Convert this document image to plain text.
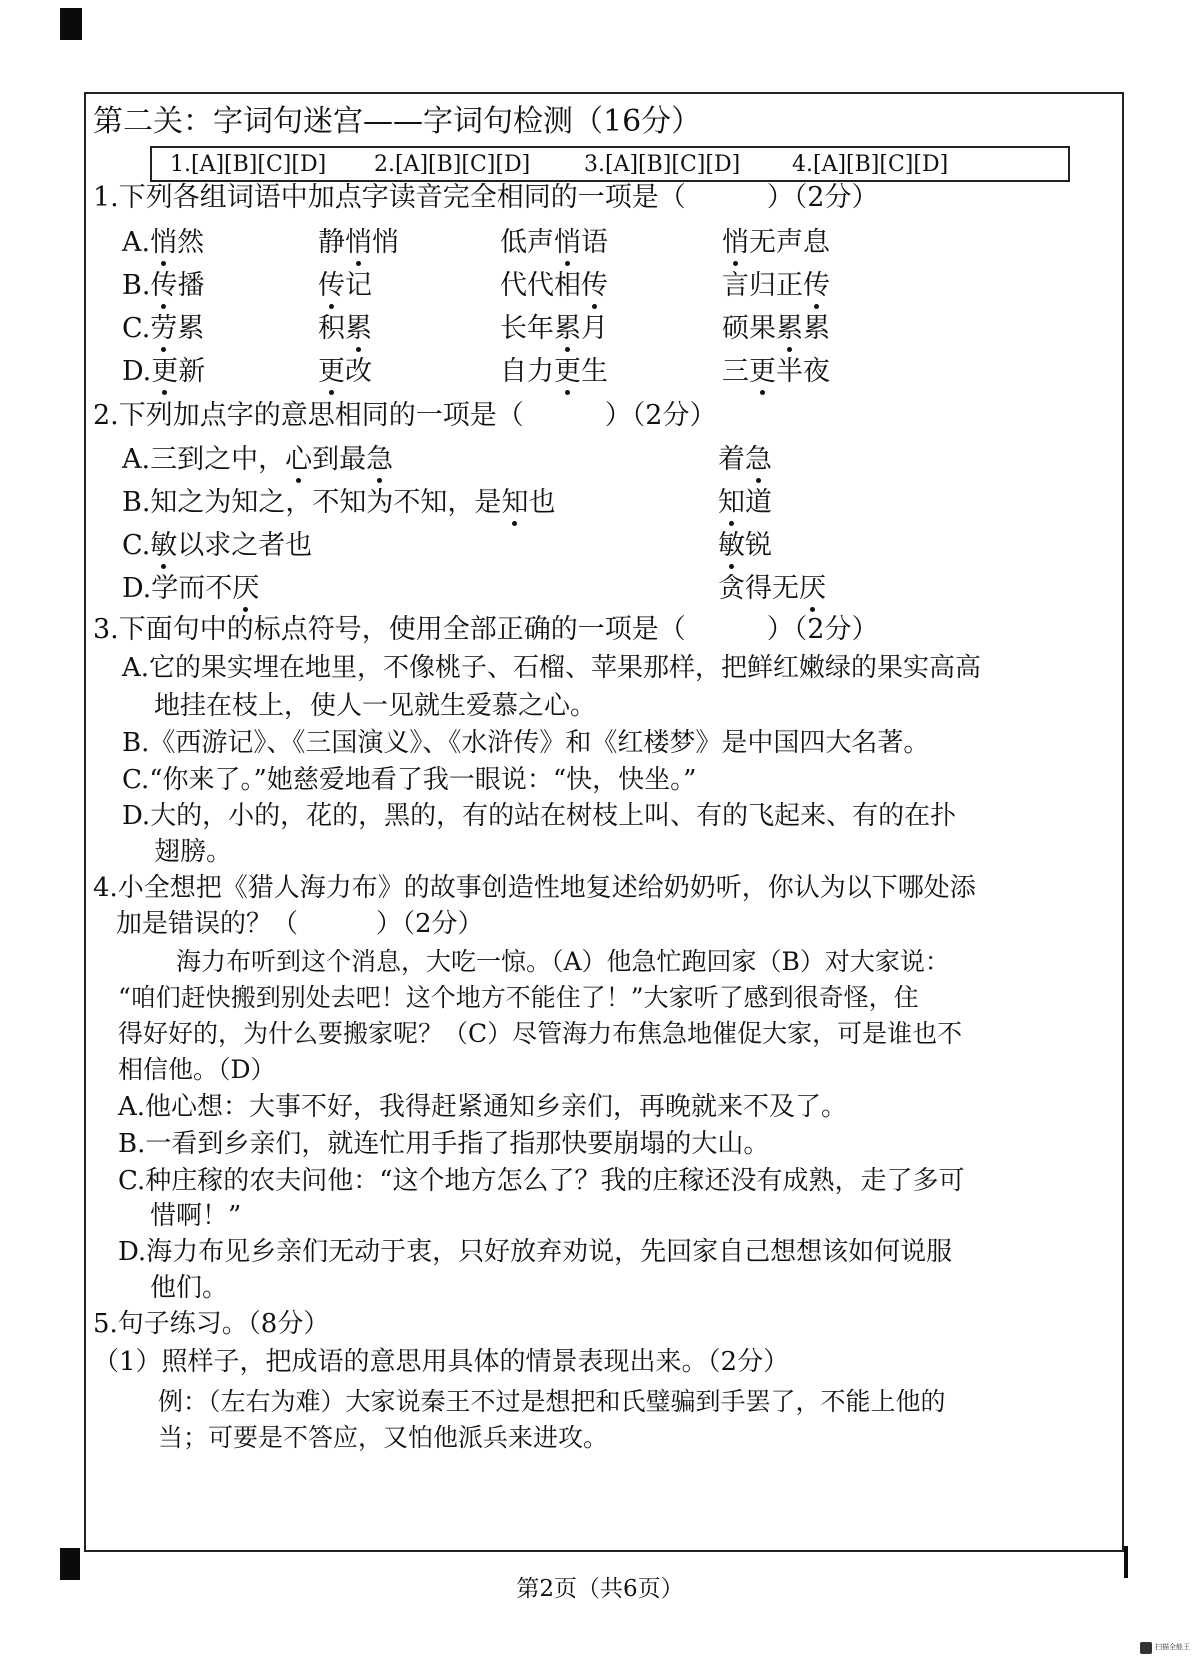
第二关：字词句迷宫——字词句检测（16分）
1.[A][B][C][D] 2.[A][B][C][D] 3.[A][B][C][D] 4.[A][B][C][D]
1.下列各组词语中加点字读音完全相同的一项是（　　　）（2分）
A.悄然	静悄悄	低声悄语	悄无声息
B.传播	传记	代代相传	言归正传
C.劳累	积累	长年累月	硕果累累
D.更新	更改	自力更生	三更半夜
2.下列加点字的意思相同的一项是（　　　）（2分）
A.三到之中，心到最急	着急
B.知之为知之，不知为不知，是知也	知道
C.敏以求之者也	敏锐
D.学而不厌	贪得无厌
3.下面句中的标点符号，使用全部正确的一项是（　　　）（2分）
A.它的果实埋在地里，不像桃子、石榴、苹果那样，把鲜红嫩绿的果实高高
地挂在枝上，使人一见就生爱慕之心。
B.《西游记》、《三国演义》、《水浒传》和《红楼梦》是中国四大名著。
C.“你来了。”她慈爱地看了我一眼说：“快，快坐。”
D.大的，小的，花的，黑的，有的站在树枝上叫、有的飞起来、有的在扑
翅膀。
4.小全想把《猎人海力布》的故事创造性地复述给奶奶听，你认为以下哪处添
加是错误的？（　　　）（2分）
海力布听到这个消息，大吃一惊。（A）他急忙跑回家（B）对大家说：
“咱们赶快搬到别处去吧！这个地方不能住了！”大家听了感到很奇怪，住
得好好的，为什么要搬家呢？（C）尽管海力布焦急地催促大家，可是谁也不
相信他。（D）
A.他心想：大事不好，我得赶紧通知乡亲们，再晚就来不及了。
B.一看到乡亲们，就连忙用手指了指那快要崩塌的大山。
C.种庄稼的农夫问他：“这个地方怎么了？我的庄稼还没有成熟，走了多可
惜啊！”
D.海力布见乡亲们无动于衷，只好放弃劝说，先回家自己想想该如何说服
他们。
5.句子练习。（8分）
（1）照样子，把成语的意思用具体的情景表现出来。（2分）
例：（左右为难）大家说秦王不过是想把和氏璧骗到手罢了，不能上他的
当；可要是不答应，又怕他派兵来进攻。
第2页（共6页）
扫描全能王
